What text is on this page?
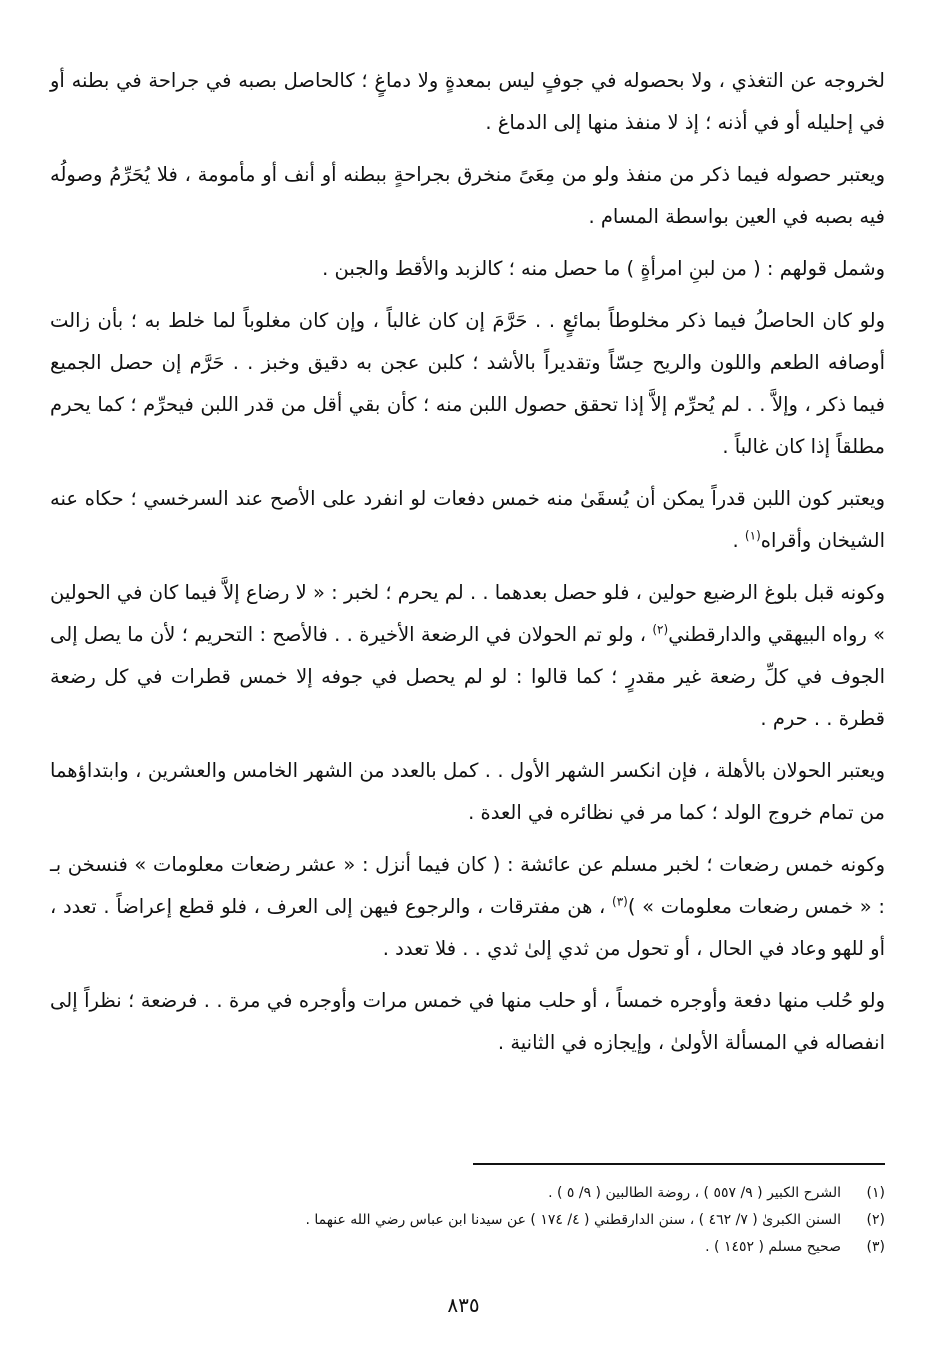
لخروجه عن التغذي ، ولا بحصوله في جوفٍ ليس بمعدةٍ ولا دماغٍ ؛ كالحاصل بصبه في جراحة في بطنه أو في إحليله أو في أذنه ؛ إذ لا منفذ منها إلى الدماغ .

ويعتبر حصوله فيما ذكر من منفذ ولو من مِعَىً منخرق بجراحةٍ ببطنه أو أنف أو مأمومة ، فلا يُحَرِّمُ وصولُه فيه بصبه في العين بواسطة المسام .

وشمل قولهم : ( من لبنِ امرأةٍ ) ما حصل منه ؛ كالزبد والأقط والجبن .

ولو كان الحاصلُ فيما ذكر مخلوطاً بمائعٍ . . حَرَّمَ إن كان غالباً ، وإن كان مغلوباً لما خلط به ؛ بأن زالت أوصافه الطعم واللون والريح حِسّاً وتقديراً بالأشد ؛ كلبن عجن به دقيق وخبز . . حَرَّم إن حصل الجميع فيما ذكر ، وإلاَّ . . لم يُحرِّم إلاَّ إذا تحقق حصول اللبن منه ؛ كأن بقي أقل من قدر اللبن فيحرِّم ؛ كما يحرم مطلقاً إذا كان غالباً .

ويعتبر كون اللبن قدراً يمكن أن يُسقَىٰ منه خمس دفعات لو انفرد على الأصح عند السرخسي ؛ حكاه عنه الشيخان وأقراه$^{(١)}$ .

وكونه قبل بلوغ الرضيع حولين ، فلو حصل بعدهما . . لم يحرم ؛ لخبر : « لا رضاع إلاَّ فيما كان في الحولين » رواه البيهقي والدارقطني$^{(٢)}$ ، ولو تم الحولان في الرضعة الأخيرة . . فالأصح : التحريم ؛ لأن ما يصل إلى الجوف في كلِّ رضعة غير مقدرٍ ؛ كما قالوا : لو لم يحصل في جوفه إلا خمس قطرات في كل رضعة قطرة . . حرم .

ويعتبر الحولان بالأهلة ، فإن انكسر الشهر الأول . . كمل بالعدد من الشهر الخامس والعشرين ، وابتداؤهما من تمام خروج الولد ؛ كما مر في نظائره في العدة .

وكونه خمس رضعات ؛ لخبر مسلم عن عائشة : ( كان فيما أنزل : « عشر رضعات معلومات » فنسخن بـ : « خمس رضعات معلومات » )$^{(٣)}$ ، هن مفترقات ، والرجوع فيهن إلى العرف ، فلو قطع إعراضاً . تعدد ، أو للهو وعاد في الحال ، أو تحول من ثدي إلىٰ ثدي . . فلا تعدد .

ولو حُلب منها دفعة وأوجره خمساً ، أو حلب منها في خمس مرات وأوجره في مرة . . فرضعة ؛ نظراً إلى انفصاله في المسألة الأولىٰ ، وإيجازه في الثانية .

(١)الشرح الكبير ( ٩/ ٥٥٧ ) ، روضة الطالبين ( ٩/ ٥ ) .
(٢)السنن الكبرىٰ ( ٧/ ٤٦٢ ) ، سنن الدارقطني ( ٤/ ١٧٤ ) عن سيدنا ابن عباس رضي الله عنهما .
(٣)صحيح مسلم ( ١٤٥٢ ) .
٨٣٥
